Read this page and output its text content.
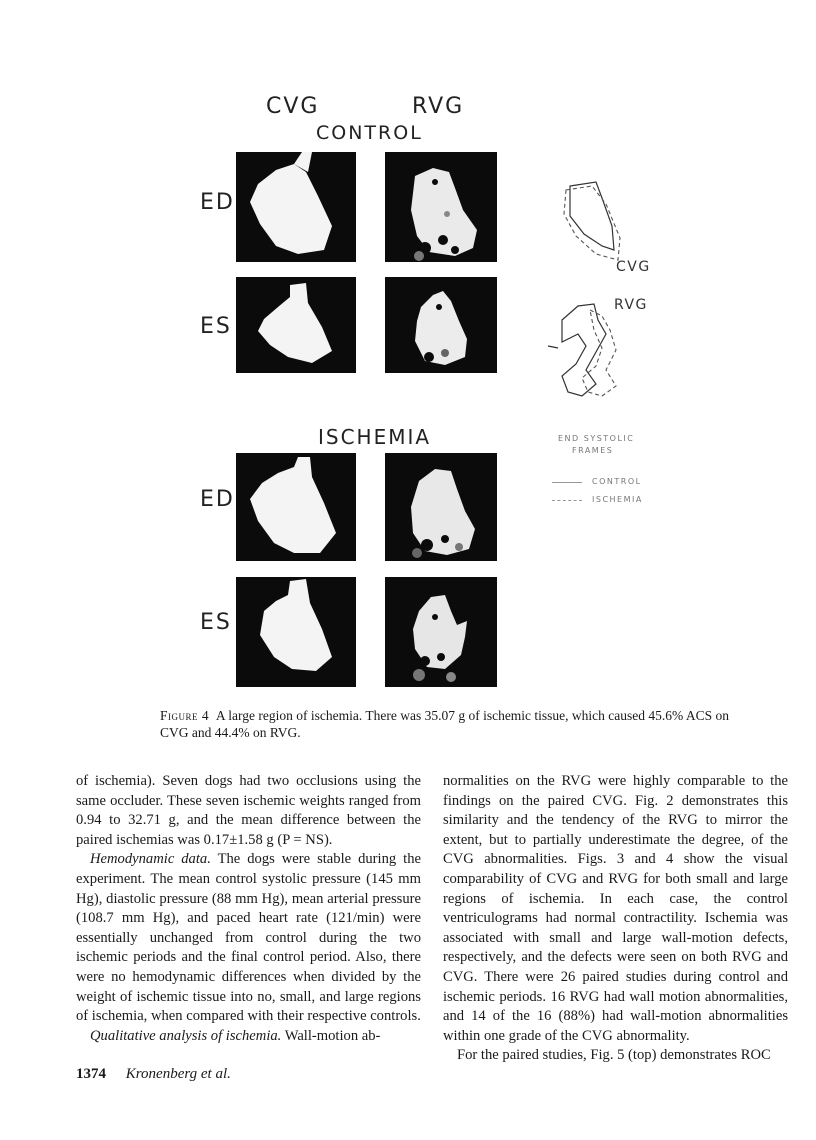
CVG	RVG
CONTROL
ED
ES
ED
ES
ISCHEMIA
CVG
RVG
END SYSTOLIC
FRAMES
CONTROL
ISCHEMIA
Figure 4 A large region of ischemia. There was 35.07 g of ischemic tissue, which caused 45.6% ACS on CVG and 44.4% on RVG.

of ischemia). Seven dogs had two occlusions using the same occluder. These seven ischemic weights ranged from 0.94 to 32.71 g, and the mean difference between the paired ischemias was 0.17±1.58 g (P = NS).

Hemodynamic data. The dogs were stable during the experiment. The mean control systolic pressure (145 mm Hg), diastolic pressure (88 mm Hg), mean arterial pressure (108.7 mm Hg), and paced heart rate (121/min) were essentially unchanged from control during the two ischemic periods and the final control period. Also, there were no hemodynamic differences when divided by the weight of ischemic tissue into no, small, and large regions of ischemia, when compared with their respective controls.

Qualitative analysis of ischemia. Wall-motion ab-

normalities on the RVG were highly comparable to the findings on the paired CVG. Fig. 2 demonstrates this similarity and the tendency of the RVG to mirror the extent, but to partially underestimate the degree, of the CVG abnormalities. Figs. 3 and 4 show the visual comparability of CVG and RVG for both small and large regions of ischemia. In each case, the control ventriculograms had normal contractility. Ischemia was associated with small and large wall-motion defects, respectively, and the defects were seen on both RVG and CVG. There were 26 paired studies during control and ischemic periods. 16 RVG had wall motion abnormalities, and 14 of the 16 (88%) had wall-motion abnormalities within one grade of the CVG abnormality.

For the paired studies, Fig. 5 (top) demonstrates ROC

1374 Kronenberg et al.
